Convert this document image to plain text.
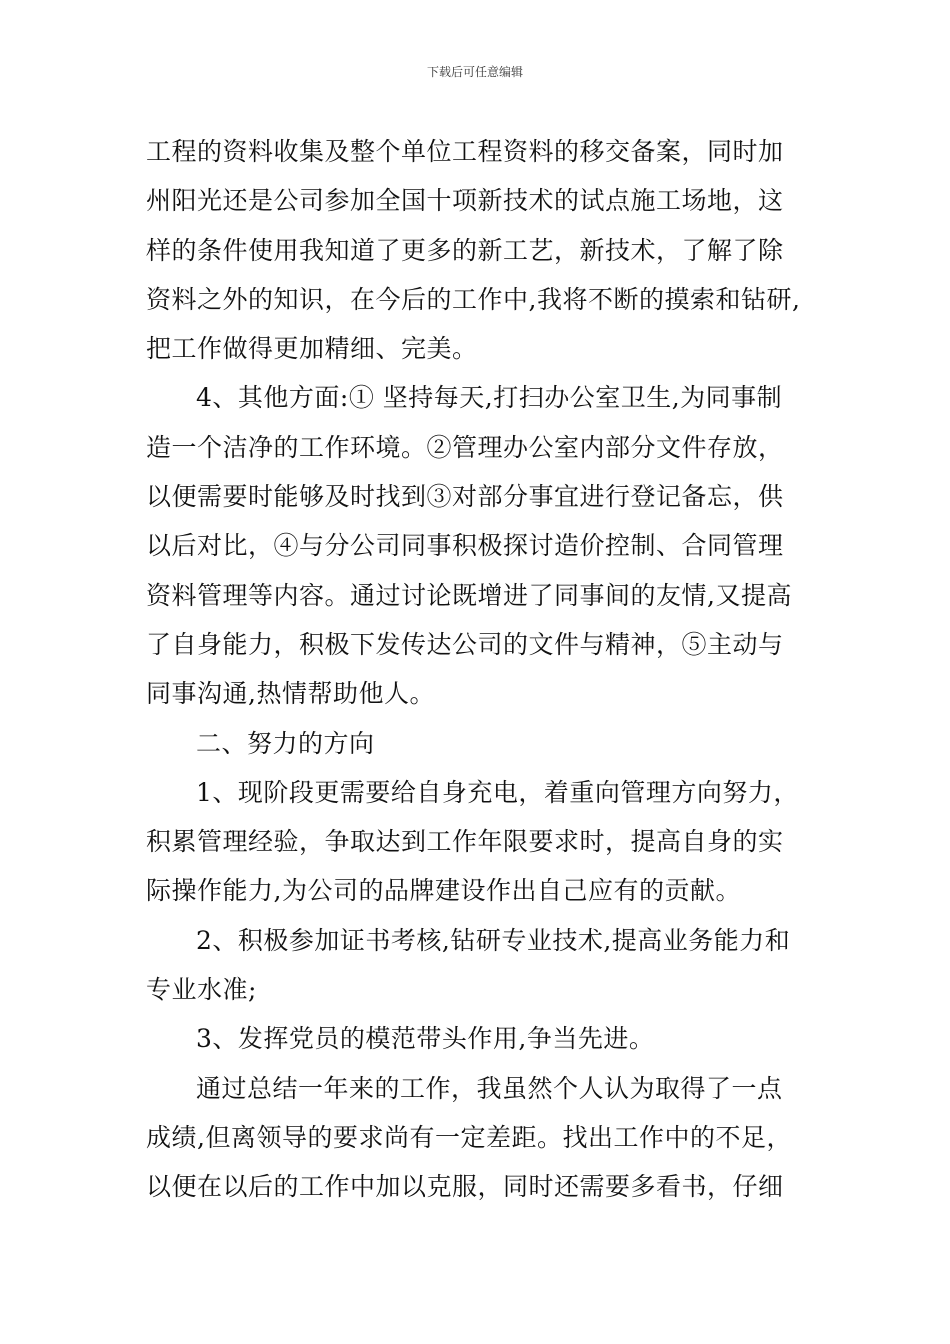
下载后可任意编辑
工程的资料收集及整个单位工程资料的移交备案，同时加
州阳光还是公司参加全国十项新技术的试点施工场地，这
样的条件使用我知道了更多的新工艺，新技术，了解了除
资料之外的知识，在今后的工作中,我将不断的摸索和钻研,
把工作做得更加精细、完美。
4、其他方面:① 坚持每天,打扫办公室卫生,为同事制
造一个洁净的工作环境。②管理办公室内部分文件存放，
以便需要时能够及时找到③对部分事宜进行登记备忘，供
以后对比，④与分公司同事积极探讨造价控制、合同管理
资料管理等内容。通过讨论既增进了同事间的友情,又提高
了自身能力，积极下发传达公司的文件与精神，⑤主动与
同事沟通,热情帮助他人。
二、努力的方向
1、现阶段更需要给自身充电，着重向管理方向努力，
积累管理经验，争取达到工作年限要求时，提高自身的实
际操作能力,为公司的品牌建设作出自己应有的贡献。
2、积极参加证书考核,钻研专业技术,提高业务能力和
专业水准;
3、发挥党员的模范带头作用,争当先进。
通过总结一年来的工作，我虽然个人认为取得了一点
成绩,但离领导的要求尚有一定差距。找出工作中的不足，
以便在以后的工作中加以克服，同时还需要多看书，仔细
